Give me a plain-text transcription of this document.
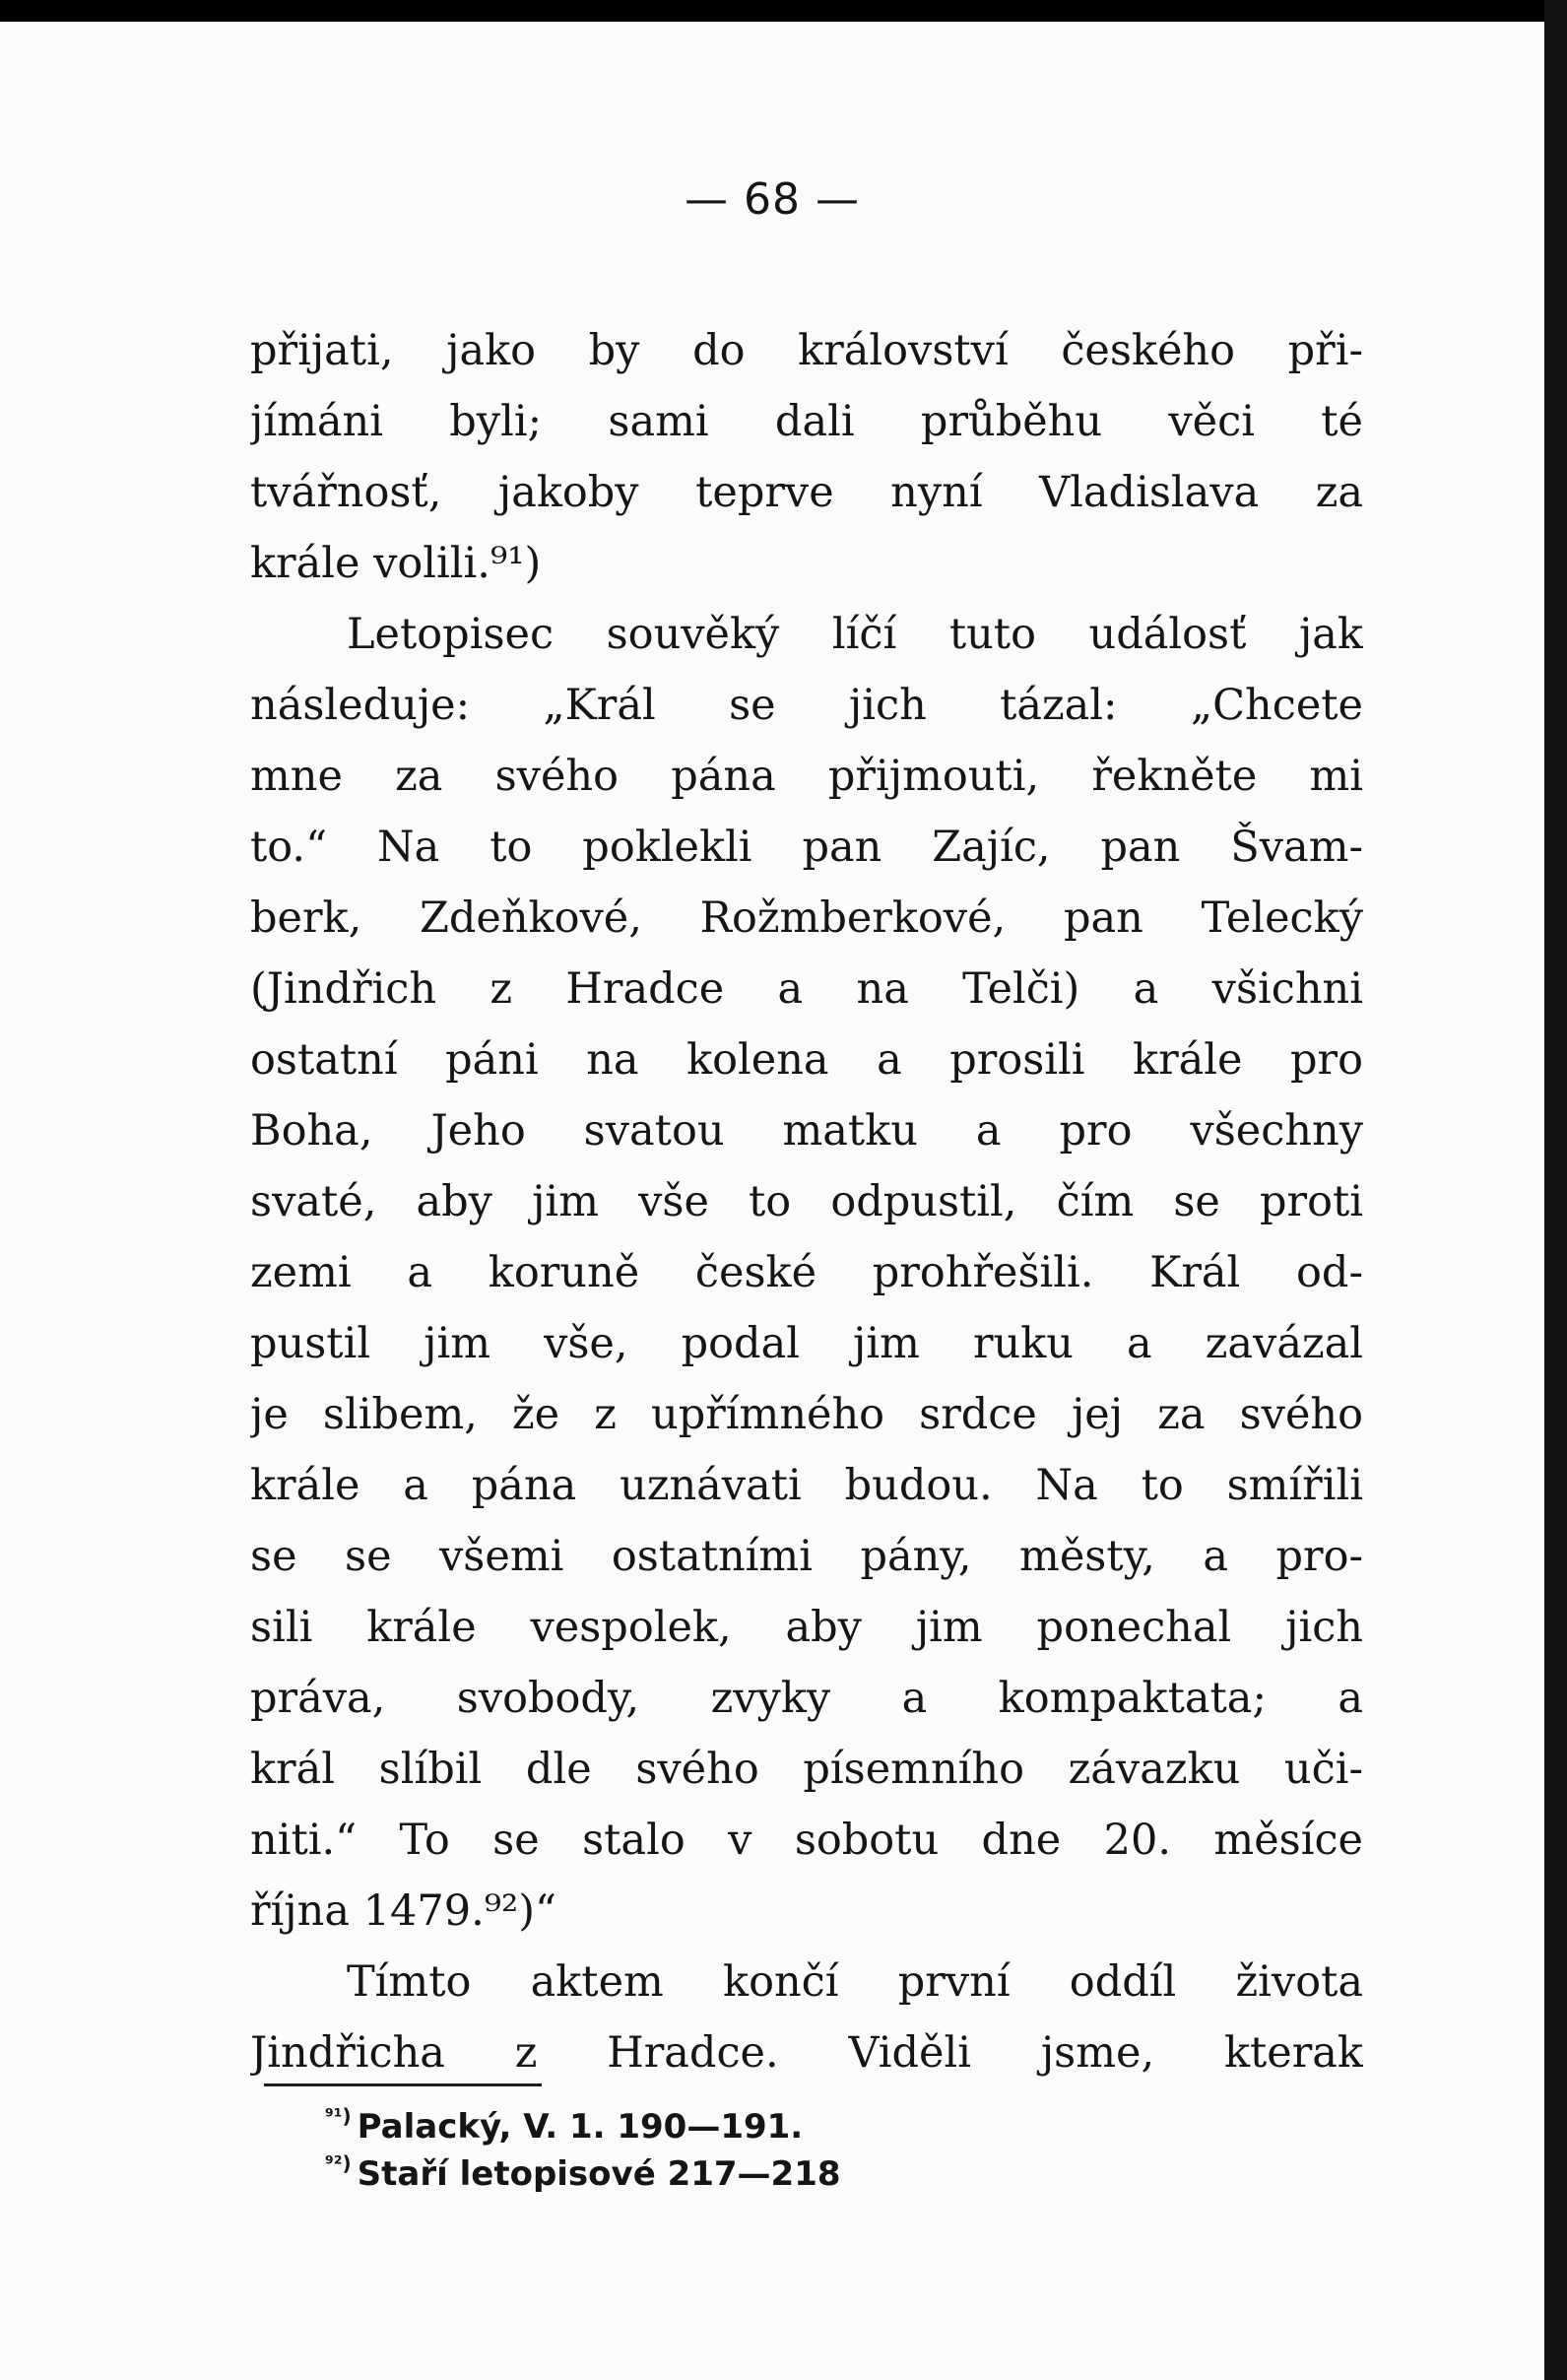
— 68 —
přijati, jako by do království českého při-
jímáni byli; sami dali průběhu věci té
tvářnosť, jakoby teprve nyní Vladislava za
krále volili.⁹¹)
Letopisec souvěký líčí tuto událosť jak
následuje: „Král se jich tázal: „Chcete
mne za svého pána přijmouti, řekněte mi
to.“ Na to poklekli pan Zajíc, pan Švam-
berk, Zdeňkové, Rožmberkové, pan Telecký
(Jindřich z Hradce a na Telči) a všichni
ostatní páni na kolena a prosili krále pro
Boha, Jeho svatou matku a pro všechny
svaté, aby jim vše to odpustil, čím se proti
zemi a koruně české prohřešili. Král od-
pustil jim vše, podal jim ruku a zavázal
je slibem, že z upřímného srdce jej za svého
krále a pána uznávati budou. Na to smířili
se se všemi ostatními pány, městy, a pro-
sili krále vespolek, aby jim ponechal jich
práva, svobody, zvyky a kompaktata; a
král slíbil dle svého písemního závazku uči-
niti.“ To se stalo v sobotu dne 20. měsíce
října 1479.⁹²)“
Tímto aktem končí první oddíl života
Jindřicha z Hradce. Viděli jsme, kterak
$^{^{91})}$ Palacký, V. 1. 190—191.
$^{^{92})}$ Staří letopisové 217—218
